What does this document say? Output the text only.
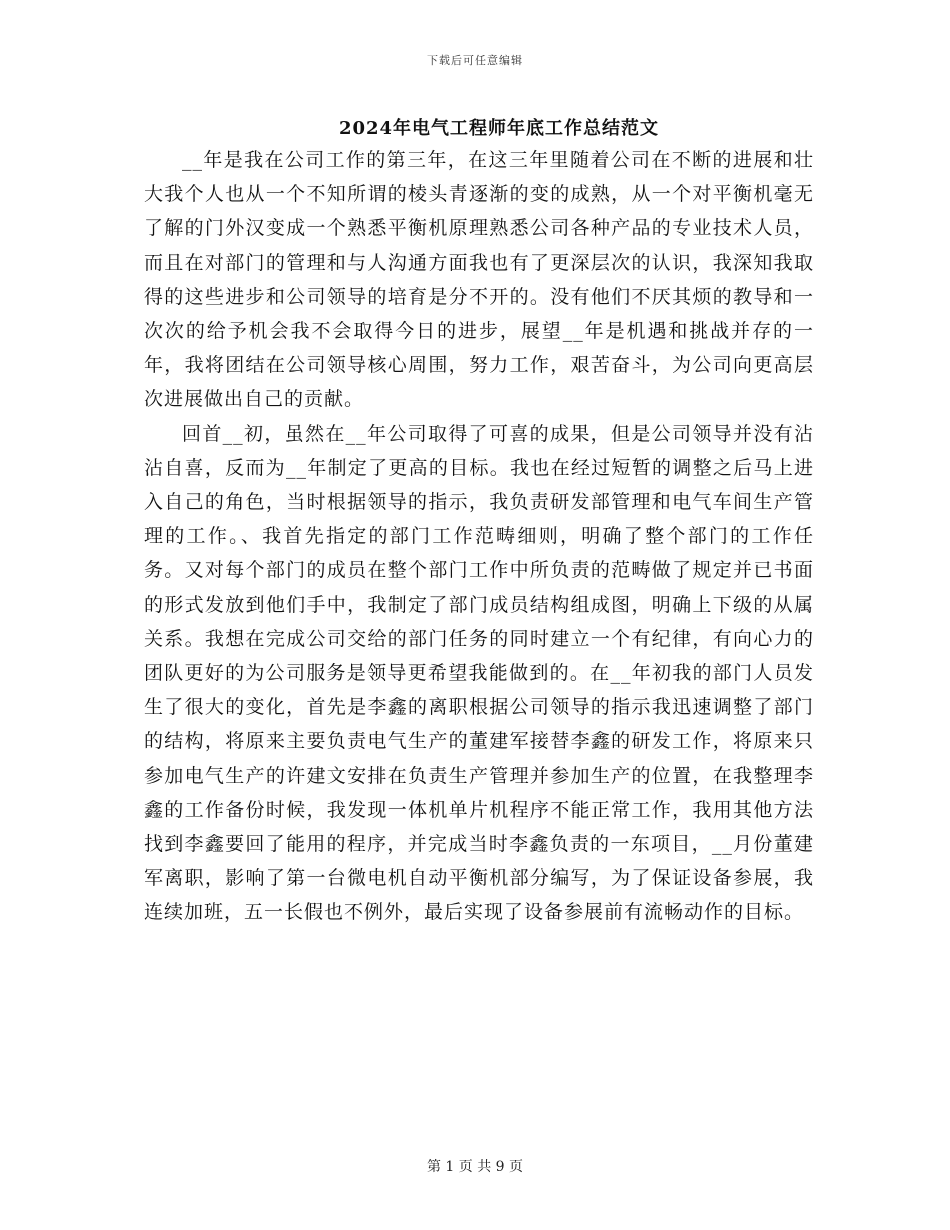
下载后可任意编辑
2024年电气工程师年底工作总结范文

__年是我在公司工作的第三年，在这三年里随着公司在不断的进展和壮大我个人也从一个不知所谓的棱头青逐渐的变的成熟，从一个对平衡机毫无了解的门外汉变成一个熟悉平衡机原理熟悉公司各种产品的专业技术人员，而且在对部门的管理和与人沟通方面我也有了更深层次的认识，我深知我取得的这些进步和公司领导的培育是分不开的。没有他们不厌其烦的教导和一次次的给予机会我不会取得今日的进步，展望__年是机遇和挑战并存的一年，我将团结在公司领导核心周围，努力工作，艰苦奋斗，为公司向更高层次进展做出自己的贡献。

回首__初，虽然在__年公司取得了可喜的成果，但是公司领导并没有沾沾自喜，反而为__年制定了更高的目标。我也在经过短暂的调整之后马上进入自己的角色，当时根据领导的指示，我负责研发部管理和电气车间生产管理的工作。、我首先指定的部门工作范畴细则，明确了整个部门的工作任务。又对每个部门的成员在整个部门工作中所负责的范畴做了规定并已书面的形式发放到他们手中，我制定了部门成员结构组成图，明确上下级的从属关系。我想在完成公司交给的部门任务的同时建立一个有纪律，有向心力的团队更好的为公司服务是领导更希望我能做到的。在__年初我的部门人员发生了很大的变化，首先是李鑫的离职根据公司领导的指示我迅速调整了部门的结构，将原来主要负责电气生产的董建军接替李鑫的研发工作，将原来只参加电气生产的许建文安排在负责生产管理并参加生产的位置，在我整理李鑫的工作备份时候，我发现一体机单片机程序不能正常工作，我用其他方法找到李鑫要回了能用的程序，并完成当时李鑫负责的一东项目，__月份董建军离职，影响了第一台微电机自动平衡机部分编写，为了保证设备参展，我连续加班，五一长假也不例外，最后实现了设备参展前有流畅动作的目标。

第 1 页 共 9 页
